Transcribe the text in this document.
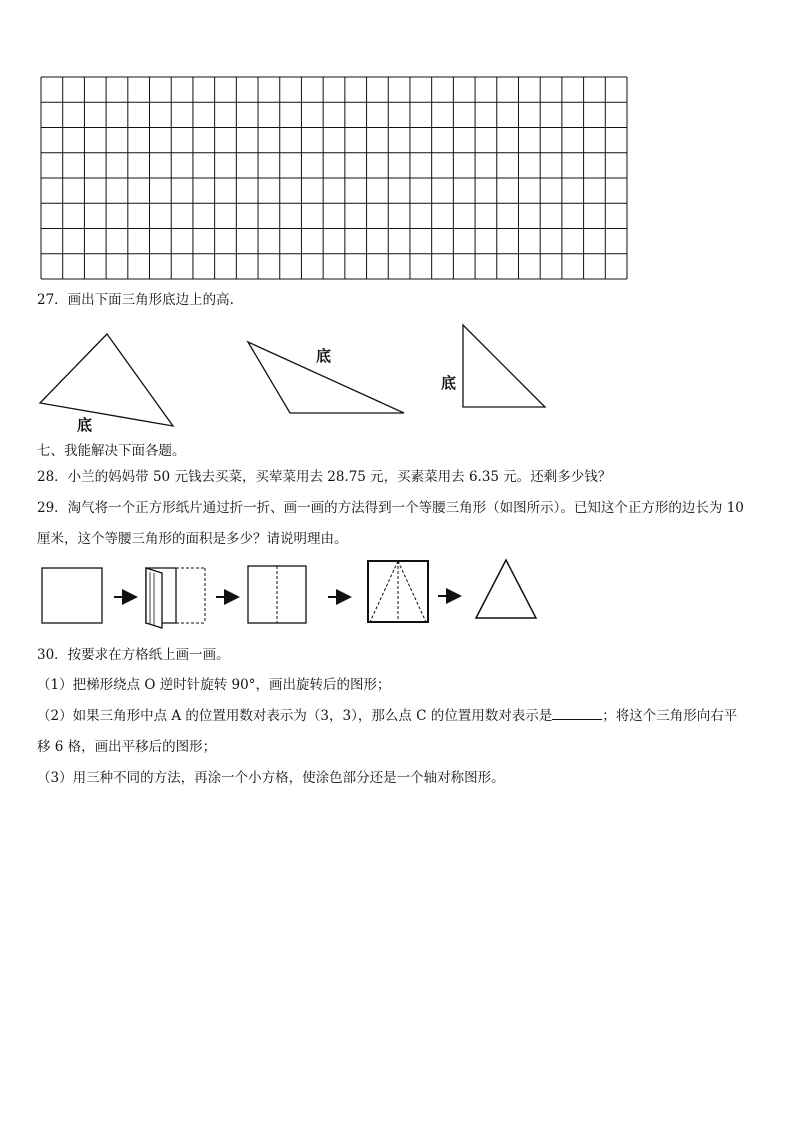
27．画出下面三角形底边上的高.
底
底
底
七、我能解决下面各题。
28．小兰的妈妈带 50 元钱去买菜，买荤菜用去 28.75 元，买素菜用去 6.35 元。还剩多少钱？
29．淘气将一个正方形纸片通过折一折、画一画的方法得到一个等腰三角形（如图所示）。已知这个正方形的边长为 10
厘米，这个等腰三角形的面积是多少？请说明理由。
30．按要求在方格纸上画一画。
（1）把梯形绕点 O 逆时针旋转 90°，画出旋转后的图形；
（2）如果三角形中点 A 的位置用数对表示为（3，3），那么点 C 的位置用数对表示是	；将这个三角形向右平
移 6 格，画出平移后的图形；
（3）用三种不同的方法，再涂一个小方格，使涂色部分还是一个轴对称图形。
